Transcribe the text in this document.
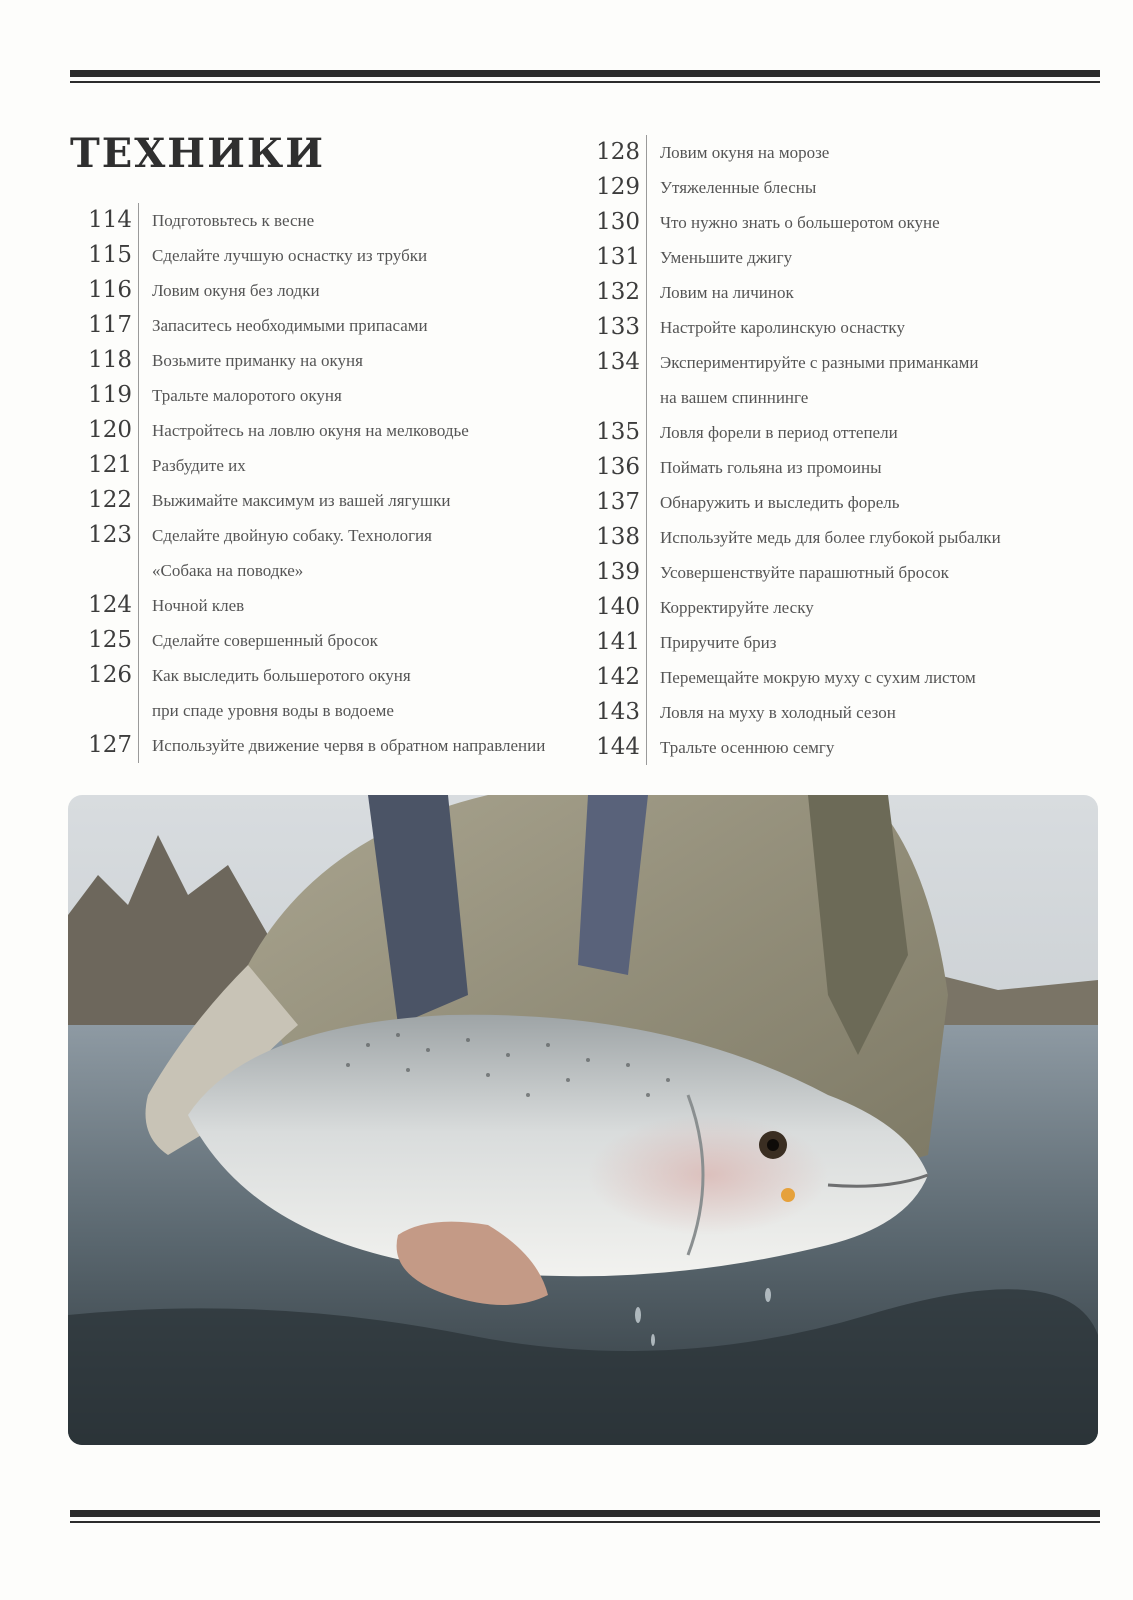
ТЕХНИКИ
114	Подготовьтесь к весне
115	Сделайте лучшую оснастку из трубки
116	Ловим окуня без лодки
117	Запаситесь необходимыми припасами
118	Возьмите приманку на окуня
119	Тральте малоротого окуня
120	Настройтесь на ловлю окуня на мелководье
121	Разбудите их
122	Выжимайте максимум из вашей лягушки
123	Сделайте двойную собаку. Технология
«Собака на поводке»
124	Ночной клев
125	Сделайте совершенный бросок
126	Как выследить большеротого окуня
при спаде уровня воды в водоеме
127	Используйте движение червя в обратном направлении
128	Ловим окуня на морозе
129	Утяжеленные блесны
130	Что нужно знать о большеротом окуне
131	Уменьшите джигу
132	Ловим на личинок
133	Настройте каролинскую оснастку
134	Экспериментируйте с разными приманками
на вашем спиннинге
135	Ловля форели в период оттепели
136	Поймать гольяна из промоины
137	Обнаружить и выследить форель
138	Используйте медь для более глубокой рыбалки
139	Усовершенствуйте парашютный бросок
140	Корректируйте леску
141	Приручите бриз
142	Перемещайте мокрую муху с сухим листом
143	Ловля на муху в холодный сезон
144	Тральте осеннюю семгу
